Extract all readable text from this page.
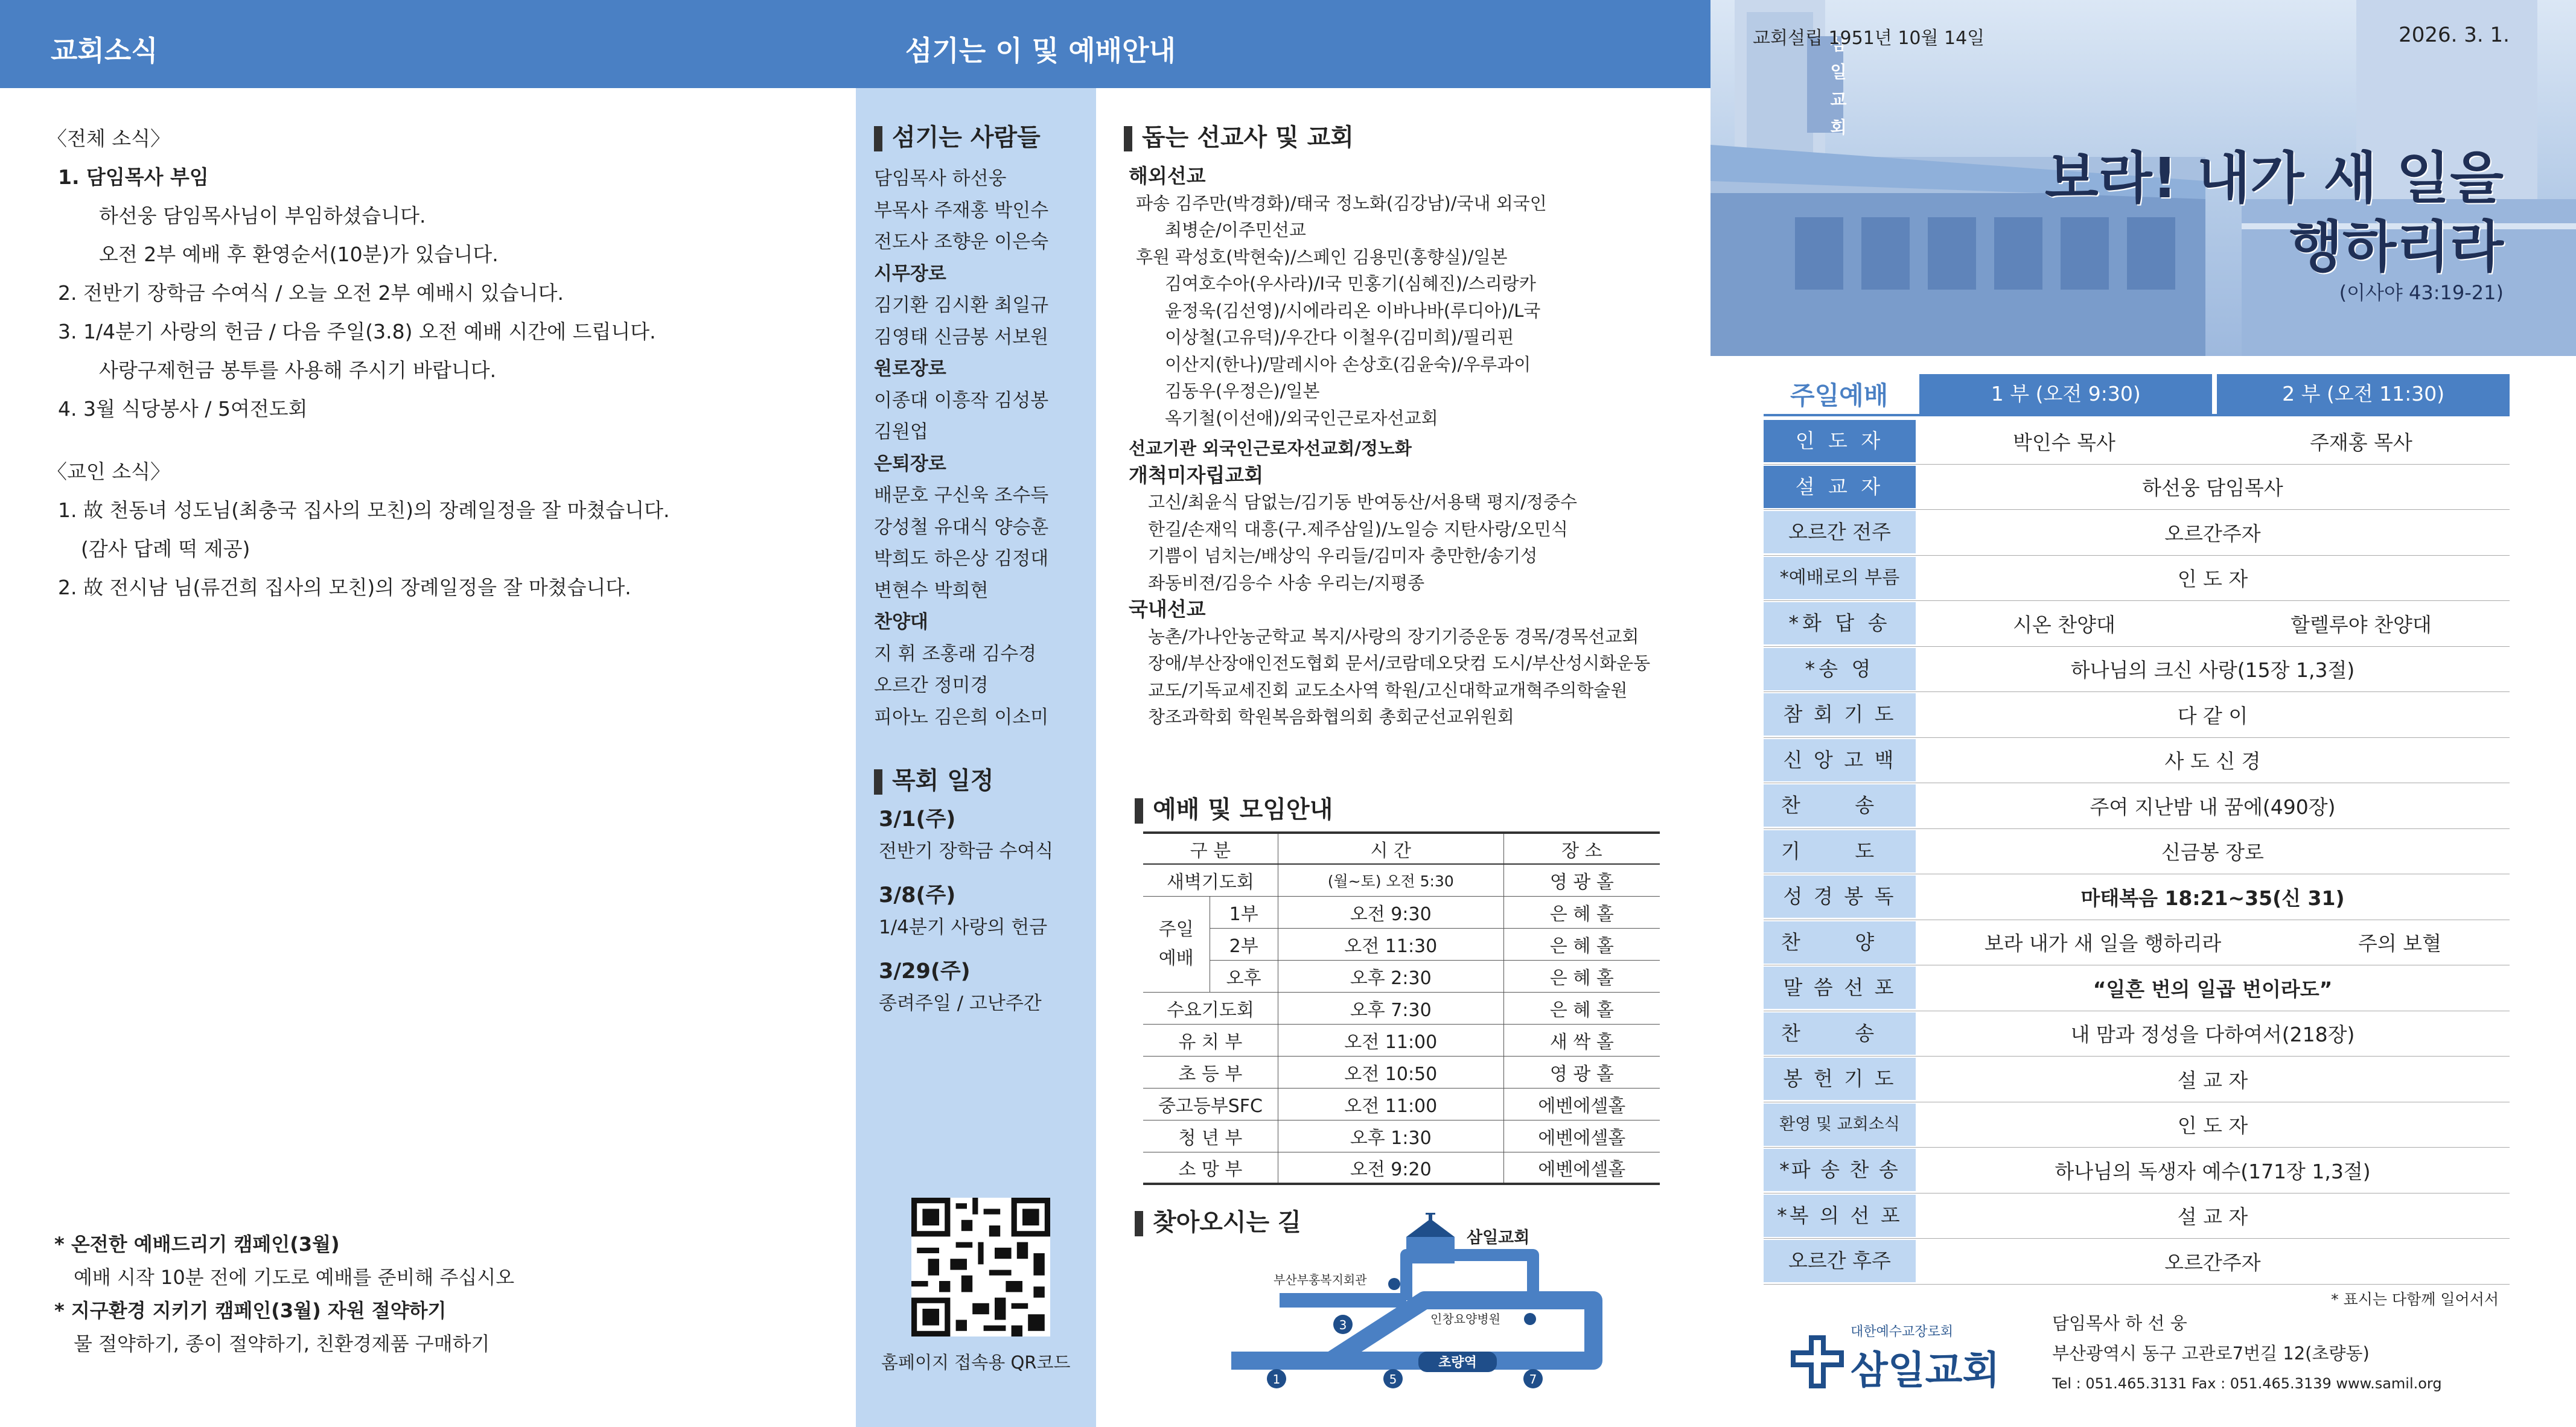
교회소식	섬기는 이 및 예배안내
〈전체 소식〉
1. 담임목사 부임
하선웅 담임목사님이 부임하셨습니다.
오전 2부 예배 후 환영순서(10분)가 있습니다.
2. 전반기 장학금 수여식 / 오늘 오전 2부 예배시 있습니다.
3. 1/4분기 사랑의 헌금 / 다음 주일(3.8) 오전 예배 시간에 드립니다.
사랑구제헌금 봉투를 사용해 주시기 바랍니다.
4. 3월 식당봉사 / 5여전도회
〈교인 소식〉
1. 故 천동녀 성도님(최충국 집사의 모친)의 장례일정을 잘 마쳤습니다.
(감사 답례 떡 제공)
2. 故 전시남 님(류건희 집사의 모친)의 장례일정을 잘 마쳤습니다.
* 온전한 예배드리기 캠페인(3월)
예배 시작 10분 전에 기도로 예배를 준비해 주십시오
* 지구환경 지키기 캠페인(3월) 자원 절약하기
물 절약하기, 종이 절약하기, 친환경제품 구매하기
섬기는 사람들
담임목사 하선웅
부목사 주재홍 박인수
전도사 조향운 이은숙
시무장로
김기환 김시환 최일규
김영태 신금봉 서보원
원로장로
이종대 이흥작 김성봉
김원업
은퇴장로
배문호 구신욱 조수득
강성철 유대식 양승훈
박희도 하은상 김정대
변현수 박희현
찬양대
지 휘 조홍래 김수경
오르간 정미경
피아노 김은희 이소미
목회 일정
3/1(주)
전반기 장학금 수여식
3/8(주)
1/4분기 사랑의 헌금
3/29(주)
종려주일 / 고난주간
홈페이지 접속용 QR코드
돕는 선교사 및 교회
해외선교
파송 김주만(박경화)/태국 정노화(김강남)/국내 외국인
최병순/이주민선교
후원 곽성호(박현숙)/스페인 김용민(홍향실)/일본
김여호수아(우사라)/I국 민홍기(심혜진)/스리랑카
윤정욱(김선영)/시에라리온 이바나바(루디아)/L국
이상철(고유덕)/우간다 이철우(김미희)/필리핀
이산지(한나)/말레시아 손상호(김윤숙)/우루과이
김동우(우정은)/일본
옥기철(이선애)/외국인근로자선교회
선교기관 외국인근로자선교회/정노화
개척미자립교회
고신/최윤식 담없는/김기동 반여동산/서용택 평지/정중수
한길/손재익 대흥(구.제주삼일)/노일승 지탄사랑/오민식
기쁨이 넘치는/배상익 우리들/김미자 충만한/송기성
좌동비젼/김응수 사송 우리는/지평종
국내선교
농촌/가나안농군학교 복지/사랑의 장기기증운동 경목/경목선교회
장애/부산장애인전도협회 문서/코람데오닷컴 도시/부산성시화운동
교도/기독교세진회 교도소사역 학원/고신대학교개혁주의학술원
창조과학회 학원복음화협의회 총회군선교위원회
예배 및 모임안내
구 분		시 간	장 소
새벽기도회		(월~토) 오전 5:30	영 광 홀

주일
예배	1부	오전 9:30	은 혜 홀
	2부	오전 11:30	은 혜 홀
	오후	오후 2:30	은 혜 홀
수요기도회		오후 7:30	은 혜 홀
유 치 부		오전 11:00	새 싹 홀
초 등 부		오전 10:50	영 광 홀
중고등부SFC		오전 11:00	에벤에셀홀
청 년 부		오후 1:30	에벤에셀홀
소 망 부		오전 9:20	에벤에셀홀
찾아오시는 길
삼일교회
부산부홍복지회관
인창요양병원
초량역
1
3
5	7
삼일교회
교회설립 1951년 10월 14일	2026. 3. 1.
보라! 내가 새 일을
행하리라
(이사야 43:19-21)
주일예배	1 부 (오전 9:30)	2 부 (오전 11:30)
인 도 자	박인수 목사	주재홍 목사
설 교 자	하선웅 담임목사
오르간 전주	오르간주자
*예배로의 부름	인 도 자
*화 답 송	시온 찬양대	할렐루야 찬양대
*송 영	하나님의 크신 사랑(15장 1,3절)
참 회 기 도	다 같 이
신 앙 고 백	사 도 신 경
찬 송	주여 지난밤 내 꿈에(490장)
기 도	신금봉 장로
성 경 봉 독	마태복음 18:21~35(신 31)
찬 양	보라 내가 새 일을 행하리라	주의 보혈
말 씀 선 포	“일흔 번의 일곱 번이라도”
찬 송	내 맘과 정성을 다하여서(218장)
봉 헌 기 도	설 교 자
환영 및 교회소식	인 도 자
*파 송 찬 송	하나님의 독생자 예수(171장 1,3절)
*복 의 선 포	설 교 자
오르간 후주	오르간주자
* 표시는 다함께 일어서서
대한예수교장로회
삼일교회
담임목사 하 선 웅
부산광역시 동구 고관로7번길 12(초량동)
Tel : 051.465.3131 Fax : 051.465.3139 www.samil.org
